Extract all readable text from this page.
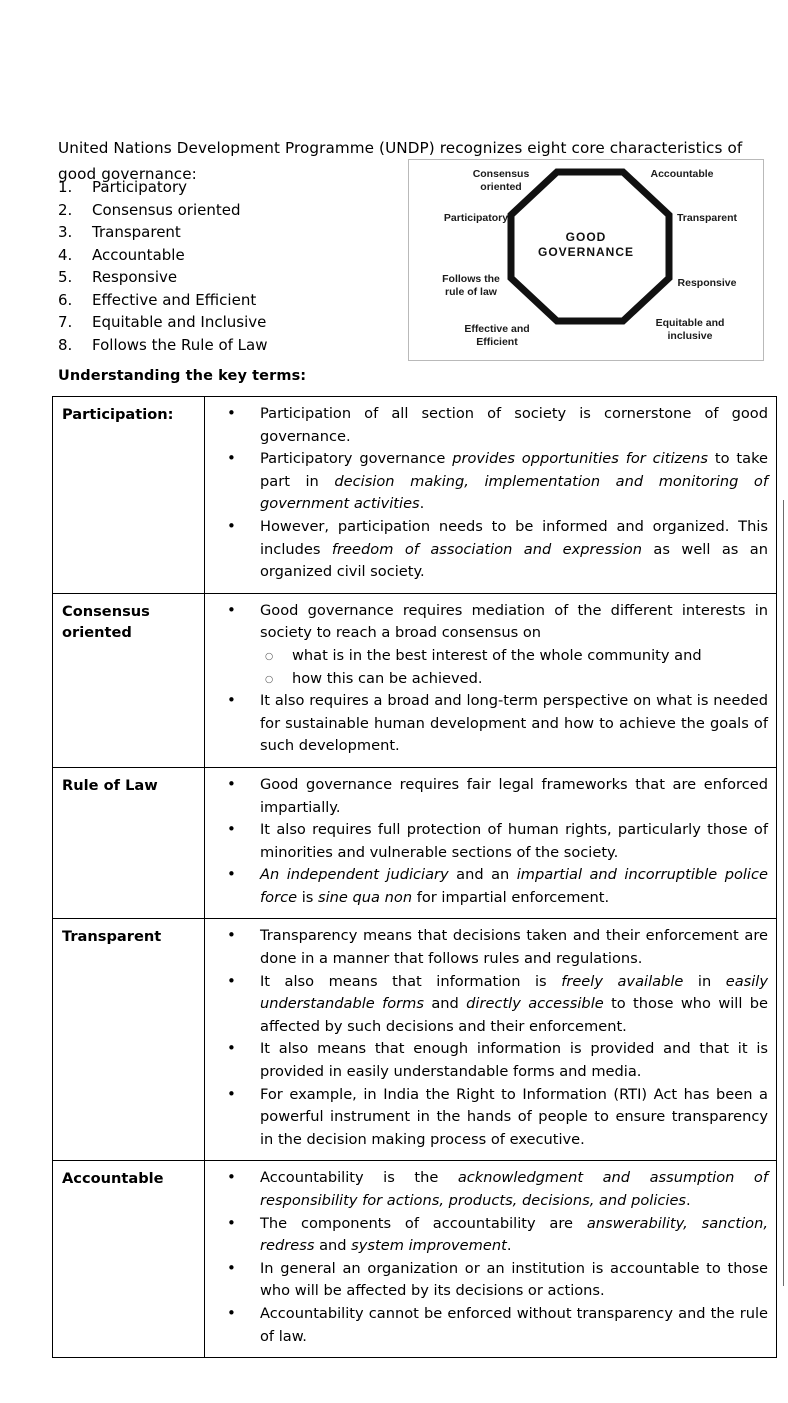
United Nations Development Programme (UNDP) recognizes eight core characteristics of good governance:

1.	Participatory
2.	Consensus oriented
3.	Transparent
4.	Accountable
5.	Responsive
6.	Effective and Efficient
7.	Equitable and Inclusive
8.	Follows the Rule of Law
GOOD
GOVERNANCE
Consensus
oriented
Accountable
Participatory	Transparent
Follows the
rule of law
Responsive
Effective and
Efficient
Equitable and
inclusive
Understanding the key terms:
Participation:	
•Participation of all section of society is cornerstone of good governance.
• Participatory governance provides opportunities for citizens to take part in decision making, implementation and monitoring of government activities.
• However, participation needs to be informed and organized. This includes freedom of association and expression as well as an organized civil society.

Consensus oriented	
• Good governance requires mediation of the different interests in society to reach a broad consensus on
○ what is in the best interest of the whole community and
○ how this can be achieved.
• It also requires a broad and long-term perspective on what is needed for sustainable human development and how to achieve the goals of such development.

Rule of Law	
•Good governance requires fair legal frameworks that are enforced impartially.
• It also requires full protection of human rights, particularly those of minorities and vulnerable sections of the society.
• An independent judiciary and an impartial and incorruptible police force is sine qua non for impartial enforcement.

Transparent	
•Transparency means that decisions taken and their enforcement are done in a manner that follows rules and regulations.
• It also means that information is freely available in easily understandable forms and directly accessible to those who will be affected by such decisions and their enforcement.
• It also means that enough information is provided and that it is provided in easily understandable forms and media.
• For example, in India the Right to Information (RTI) Act has been a powerful instrument in the hands of people to ensure transparency in the decision making process of executive.

Accountable	
•Accountability is the acknowledgment and assumption of responsibility for actions, products, decisions, and policies.
• The components of accountability are answerability, sanction, redress and system improvement.
• In general an organization or an institution is accountable to those who will be affected by its decisions or actions.
• Accountability cannot be enforced without transparency and the rule of law.
